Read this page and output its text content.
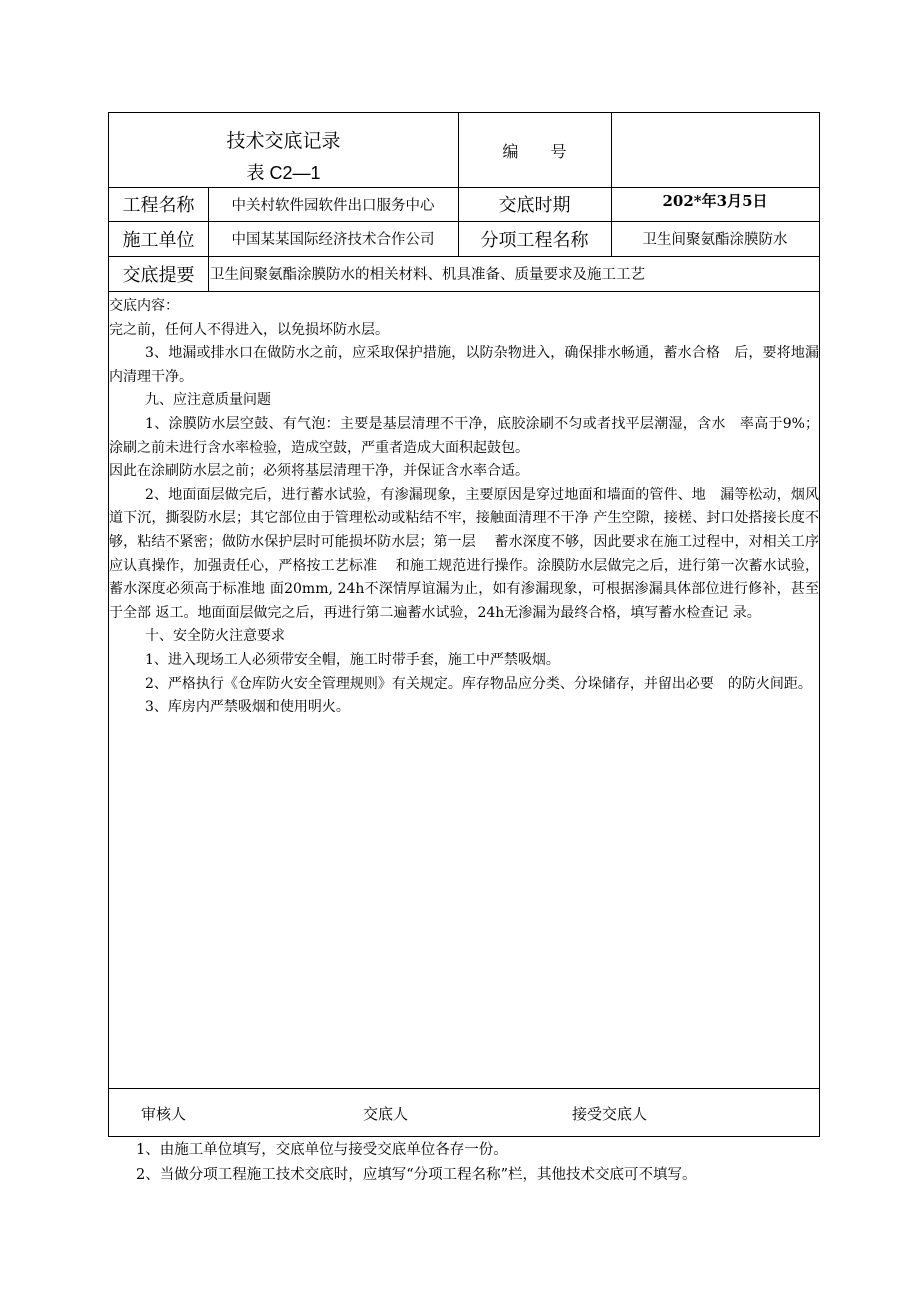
技术交底记录
表 C2—1
编　　号
工程名称	中关村软件园软件出口服务中心	交底时期	202*年3月5日
施工单位	中国某某国际经济技术合作公司	分项工程名称	卫生间聚氨酯涂膜防水
交底提要	卫生间聚氨酯涂膜防水的相关材料、机具准备、质量要求及施工工艺

交底内容：

完之前，任何人不得进入，以免损坏防水层。

3、地漏或排水口在做防水之前，应采取保护措施，以防杂物进入，确保排水畅通，蓄水合格　后，要将地漏内清理干净。

九、应注意质量问题

1、涂膜防水层空鼓、有气泡：主要是基层清理不干净，底胶涂刷不匀或者找平层潮湿，含水　率高于9%；涂刷之前未进行含水率检验，造成空鼓，严重者造成大面积起鼓包。

因此在涂刷防水层之前；必须将基层清理干净，并保证含水率合适。

2、地面面层做完后，进行蓄水试验，有渗漏现象，主要原因是穿过地面和墙面的管件、地　漏等松动，烟风道下沉，撕裂防水层；其它部位由于管理松动或粘结不牢，接触面清理不干净 产生空隙，接槎、封口处搭接长度不够，粘结不紧密；做防水保护层时可能损坏防水层；第一层　 蓄水深度不够，因此要求在施工过程中，对相关工序应认真操作，加强责任心，严格按工艺标准　 和施工规范进行操作。涂膜防水层做完之后，进行第一次蓄水试验，蓄水深度必须高于标准地 面20mm, 24h不深情厚谊漏为止，如有渗漏现象，可根据渗漏具体部位进行修补，甚至于全部 返工。地面面层做完之后，再进行第二遍蓄水试验，24h无渗漏为最终合格，填写蓄水检查记 录。

十、安全防火注意要求

1、进入现场工人必须带安全帽，施工时带手套，施工中严禁吸烟。

2、严格执行《仓库防火安全管理规则》有关规定。库存物品应分类、分垛储存，并留出必要　的防火间距。

3、库房内严禁吸烟和使用明火。

审核人	交底人	接受交底人
1、由施工单位填写，交底单位与接受交底单位各存一份。
2、当做分项工程施工技术交底时，应填写“分项工程名称”栏，其他技术交底可不填写。
